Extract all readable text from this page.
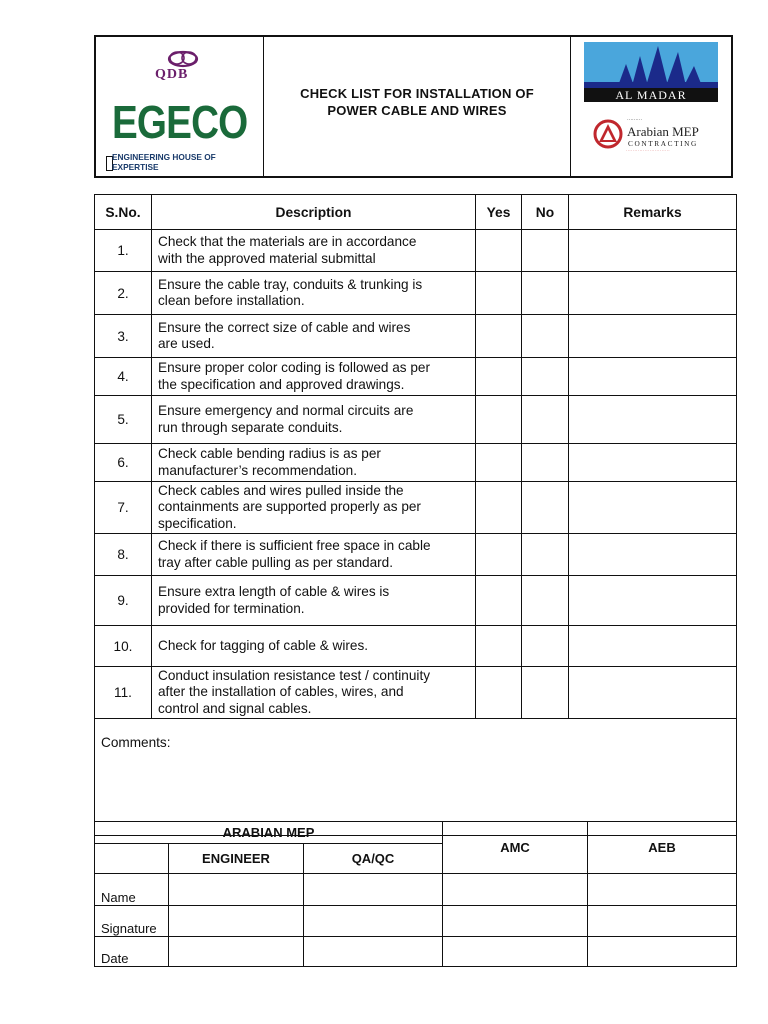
QDB
EGECO
ENGINEERING HOUSE OF EXPERTISE
CHECK LIST FOR INSTALLATION OF
POWER CABLE AND WIRES
AL MADAR
·········
Arabian MEP
CONTRACTING
··························
S.No.	Description	Yes	No	Remarks
1.	Check that the materials are in accordance
with the approved material submittal			

2.	Ensure the cable tray, conduits & trunking is
clean before installation.			

3.	Ensure the correct size of cable and wires
are used.			

4.	Ensure proper color coding is followed as per
the specification and approved drawings.			

5.	Ensure emergency and normal circuits are
run through separate conduits.			

6.	Check cable bending radius is as per
manufacturer’s recommendation.			

7.	Check cables and wires pulled inside the
containments are supported properly as per
specification.			

8.	Check if there is sufficient free space in cable
tray after cable pulling as per standard.			

9.	Ensure extra length of cable & wires is
provided for termination.			

10.	Check for tagging of cable & wires.			

11.	Conduct insulation resistance test / continuity
after the installation of cables, wires, and
control and signal cables.			

Comments:				
ARABIAN MEP			AMC	AEB
	ENGINEER	QA/QC		
Name				
Signature				
Date				
